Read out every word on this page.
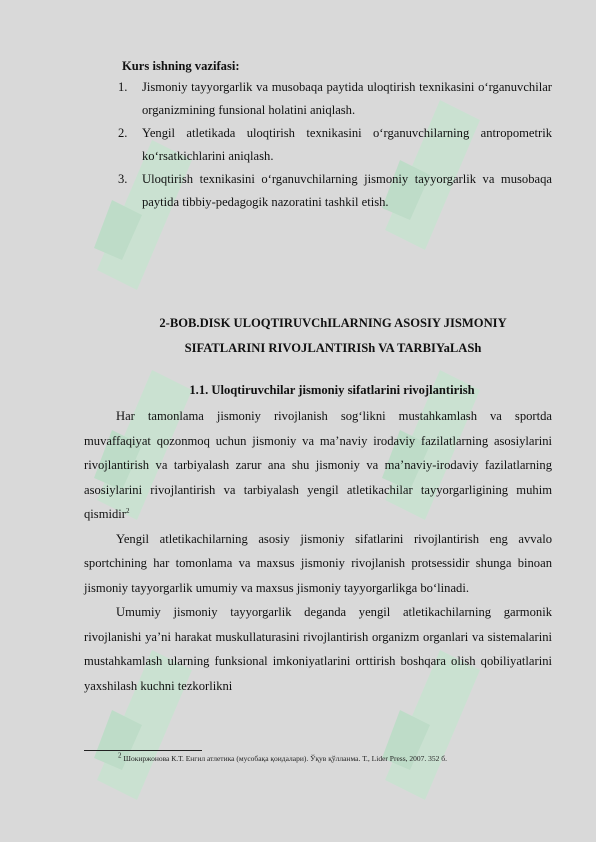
Kurs ishning vazifasi:
1. Jismoniy tayyorgarlik va musobaqa paytida uloqtirish texnikasini o‘rganuvchilar organizmining funsional holatini aniqlash.
2. Yengil atletikada uloqtirish texnikasini o‘rganuvchilarning antropometrik ko‘rsatkichlarini aniqlash.
3. Uloqtirish texnikasini o‘rganuvchilarning jismoniy tayyorgarlik va musobaqa paytida tibbiy-pedagogik nazoratini tashkil etish.
2-BOB.DISK ULOQTIRUVChILARNING ASOSIY JISMONIY
SIFATLARINI RIVOJLANTIRISh VA TARBIYaLASh
1.1. Uloqtiruvchilar jismoniy sifatlarini rivojlantirish

Har tamonlama jismoniy rivojlanish sog‘likni mustahkamlash va sportda muvaffaqiyat qozonmoq uchun jismoniy va ma’naviy irodaviy fazilatlarning asosiylarini rivojlantirish va tarbiyalash zarur ana shu jismoniy va ma’naviy-irodaviy fazilatlarning asosiylarini rivojlantirish va tarbiyalash yengil atletikachilar tayyorgarligining muhim qismidir$^2$

Yengil atletikachilarning asosiy jismoniy sifatlarini rivojlantirish eng avvalo sportchining har tomonlama va maxsus jismoniy rivojlanish protsessidir shunga binoan jismoniy tayyorgarlik umumiy va maxsus jismoniy tayyorgarlikga bo‘linadi.

Umumiy jismoniy tayyorgarlik deganda yengil atletikachilarning garmonik rivojlanishi ya’ni harakat muskullaturasini rivojlantirish organizm organlari va sistemalarini mustahkamlash ularning funksional imkoniyatlarini orttirish boshqara olish qobiliyatlarini yaxshilash kuchni tezkorlikni

$^2$ Шокиржонова К.Т. Енгил атлетика (мусобақа қоидалари). Ўқув қўлланма. Т., Lider Press, 2007. 352 б.
